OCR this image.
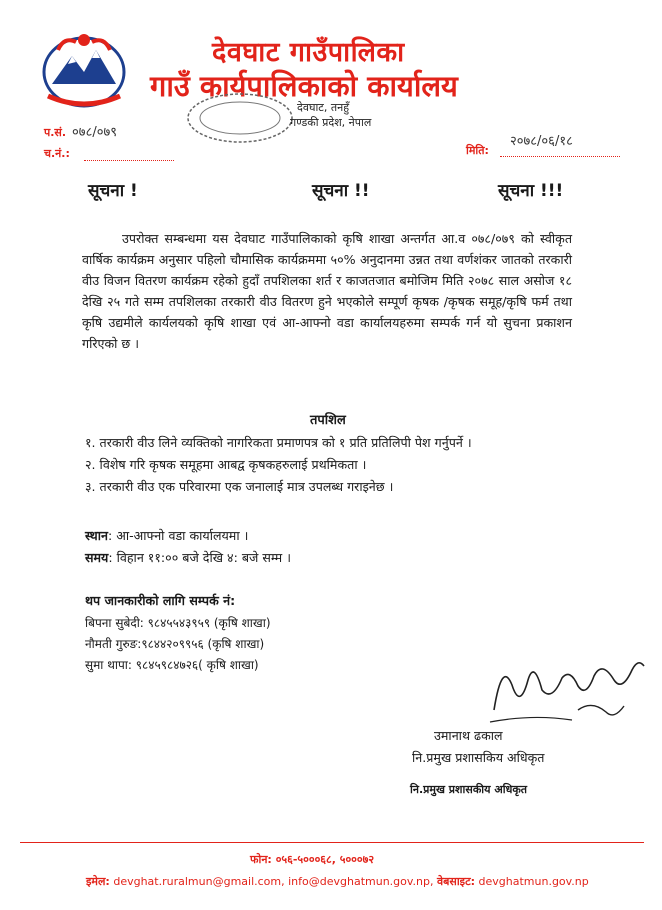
देवघाट गाउँपालिका
गाउँ कार्यपालिकाको कार्यालय
देवघाट, तनहुँ
गण्डकी प्रदेश, नेपाल
प.सं. ०७८/०७९
च.नं.:	मिति:
२०७८/०६/१८
सूचना !	सूचना !!	सूचना !!!
उपरोक्त सम्बन्धमा यस देवघाट गाउँपालिकाको कृषि शाखा अन्तर्गत आ.व ०७८/०७९ को स्वीकृत वार्षिक कार्यक्रम अनुसार पहिलो चौमासिक कार्यक्रममा ५०% अनुदानमा उन्नत तथा वर्णशंकर जातको तरकारी वीउ विजन वितरण कार्यक्रम रहेको हुदाँ तपशिलका शर्त र काजतजात बमोजिम मिति २०७८ साल असोज १८ देखि २५ गते सम्म तपशिलका तरकारी वीउ वितरण हुने भएकोले सम्पूर्ण कृषक /कृषक समूह/कृषि फर्म तथा कृषि उद्यमीले कार्यलयको कृषि शाखा एवं आ-आफ्नो वडा कार्यालयहरुमा सम्पर्क गर्न यो सुचना प्रकाशन गरिएको छ ।
तपशिल
१. तरकारी वीउ लिने व्यक्तिको नागरिकता प्रमाणपत्र को १ प्रति प्रतिलिपी पेश गर्नुपर्ने ।
२. विशेष गरि कृषक समूहमा आबद्व कृषकहरुलाई प्रथमिकता ।
३. तरकारी वीउ एक परिवारमा एक जनालाई मात्र उपलब्ध गराइनेछ ।
स्थान: आ-आफ्नो वडा कार्यालयमा ।
समय: विहान ११:०० बजे देखि ४: बजे सम्म ।
थप जानकारीको लागि सम्पर्क नं:
बिपना सुबेदी: ९८४५५४३९५९ (कृषि शाखा)
नौमती गुरुङ:९८४४२०९९५६ (कृषि शाखा)
सुमा थापा: ९८४५९८४७२६( कृषि शाखा)
उमानाथ ढकाल
नि.प्रमुख प्रशासकिय अधिकृत
नि.प्रमुख प्रशासकीय अधिकृत
फोन: ०५६-५०००६८, ५०००७२
इमेल: devghat.ruralmun@gmail.com, info@devghatmun.gov.np, वेबसाइट: devghatmun.gov.np
